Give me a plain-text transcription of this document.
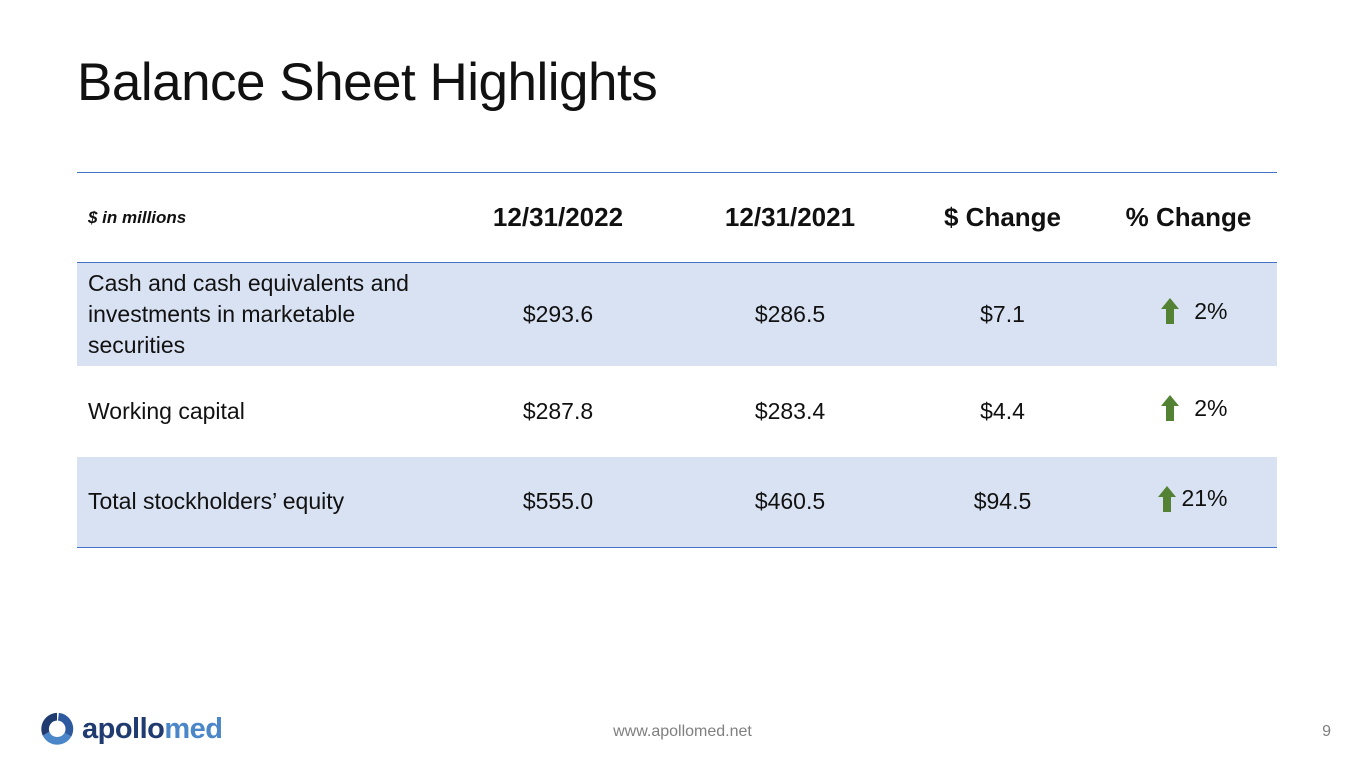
Balance Sheet Highlights
$ in millions	12/31/2022	12/31/2021	$ Change	% Change
Cash and cash equivalents and investments in marketable securities	$293.6	$286.5	$7.1	2%

Working capital	$287.8	$283.4	$4.4	2%

Total stockholders’ equity	$555.0	$460.5	$94.5	21%
apollomed	www.apollomed.net	9
